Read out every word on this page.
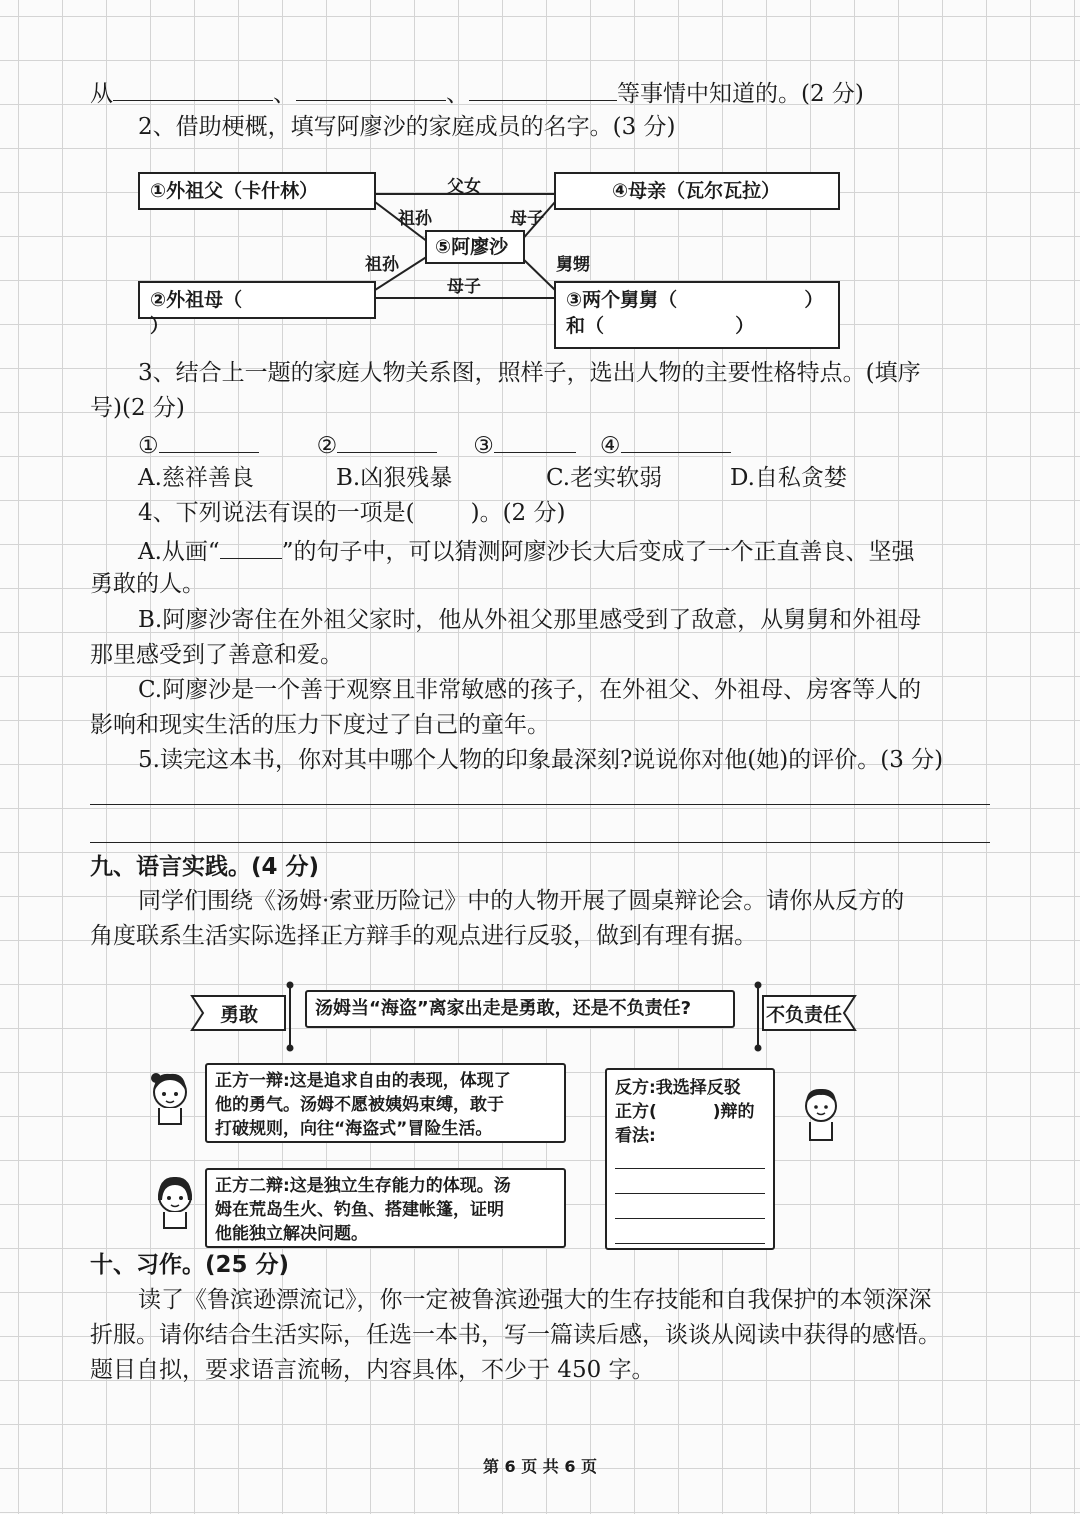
从	、	、	等事情中知道的。(2 分)
2、借助梗概，填写阿廖沙的家庭成员的名字。(3 分)
①外祖父（卡什林）	④母亲（瓦尔瓦拉）
⑤阿廖沙
②外祖母（  ）
③两个舅舅（	）
和（	）
父女
祖孙	母子
祖孙	舅甥
母子
3、结合上一题的家庭人物关系图，照样子，选出人物的主要性格特点。(填序
号)(2 分)
①	②	③	④
A.慈祥善良	B.凶狠残暴	C.老实软弱	D.自私贪婪
4、下列说法有误的一项是( )。(2 分)
A.从画“	”的句子中，可以猜测阿廖沙长大后变成了一个正直善良、坚强
勇敢的人。
B.阿廖沙寄住在外祖父家时，他从外祖父那里感受到了敌意，从舅舅和外祖母
那里感受到了善意和爱。
C.阿廖沙是一个善于观察且非常敏感的孩子，在外祖父、外祖母、房客等人的
影响和现实生活的压力下度过了自己的童年。
5.读完这本书，你对其中哪个人物的印象最深刻?说说你对他(她)的评价。(3 分)
九、语言实践。(4 分)
同学们围绕《汤姆·索亚历险记》中的人物开展了圆桌辩论会。请你从反方的
角度联系生活实际选择正方辩手的观点进行反驳，做到有理有据。
勇敢	不负责任
汤姆当“海盗”离家出走是勇敢，还是不负责任?
正方一辩:这是追求自由的表现，体现了
他的勇气。汤姆不愿被姨妈束缚，敢于
打破规则，向往“海盗式”冒险生活。
正方二辩:这是独立生存能力的体现。汤
姆在荒岛生火、钓鱼、搭建帐篷，证明
他能独立解决问题。
反方:我选择反驳
正方(	)辩的
看法:
十、习作。(25 分)
读了《鲁滨逊漂流记》，你一定被鲁滨逊强大的生存技能和自我保护的本领深深
折服。请你结合生活实际，任选一本书，写一篇读后感，谈谈从阅读中获得的感悟。
题目自拟，要求语言流畅，内容具体，不少于 450 字。
第 6 页 共 6 页
